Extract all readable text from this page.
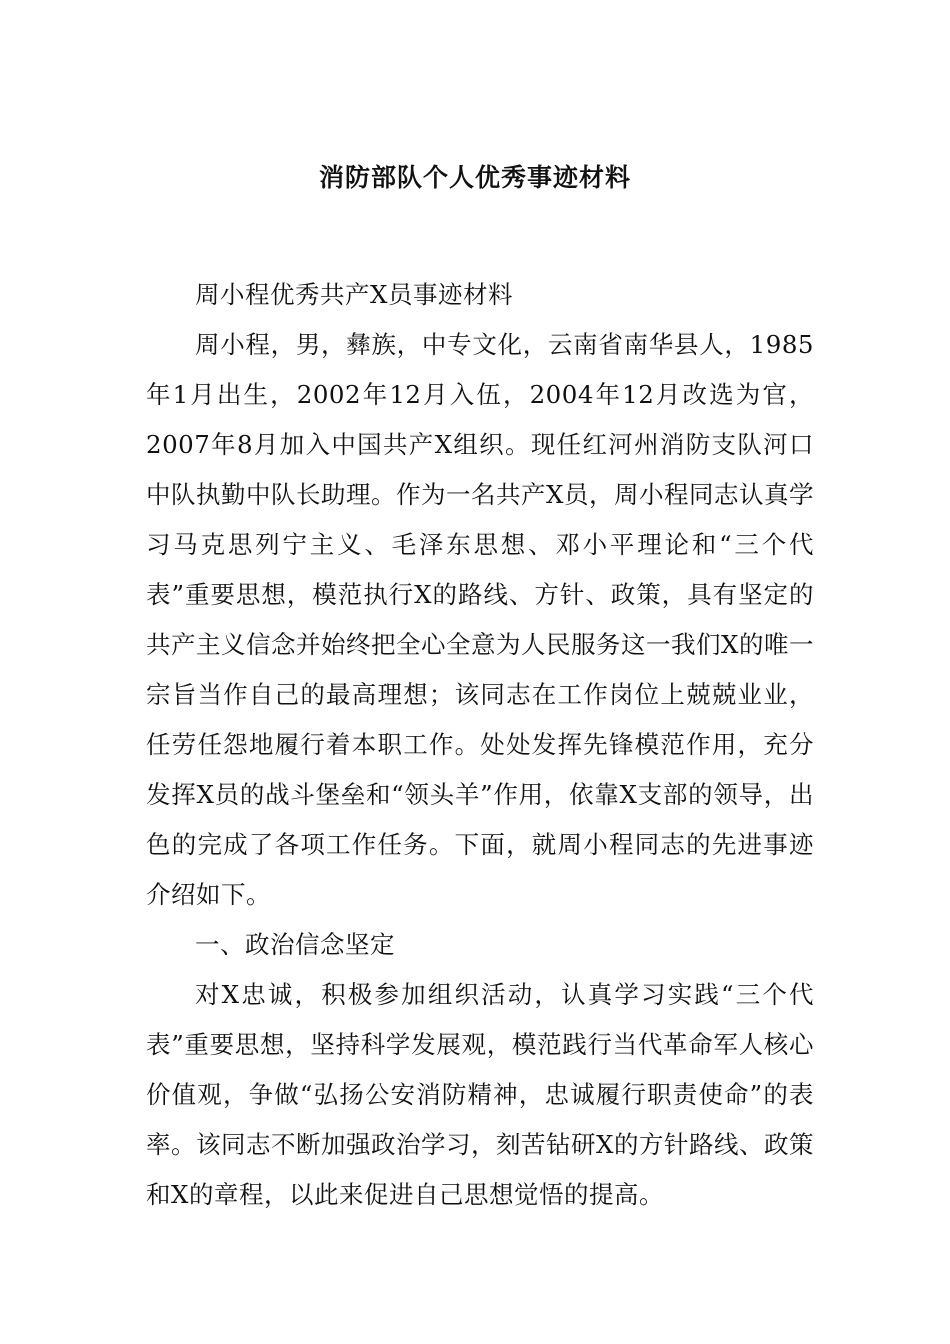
消防部队个人优秀事迹材料

周小程优秀共产X员事迹材料

周小程，男，彝族，中专文化，云南省南华县人，1985年1月出生，2002年12月入伍，2004年12月改选为官，2007年8月加入中国共产X组织。现任红河州消防支队河口中队执勤中队长助理。作为一名共产X员，周小程同志认真学习马克思列宁主义、毛泽东思想、邓小平理论和“三个代表”重要思想，模范执行X的路线、方针、政策，具有坚定的共产主义信念并始终把全心全意为人民服务这一我们X的唯一宗旨当作自己的最高理想；该同志在工作岗位上兢兢业业，任劳任怨地履行着本职工作。处处发挥先锋模范作用，充分发挥X员的战斗堡垒和“领头羊”作用，依靠X支部的领导，出色的完成了各项工作任务。下面，就周小程同志的先进事迹介绍如下。

一、政治信念坚定

对X忠诚，积极参加组织活动，认真学习实践“三个代表”重要思想，坚持科学发展观，模范践行当代革命军人核心价值观，争做“弘扬公安消防精神，忠诚履行职责使命”的表率。该同志不断加强政治学习，刻苦钻研X的方针路线、政策和X的章程，以此来促进自己思想觉悟的提高。
